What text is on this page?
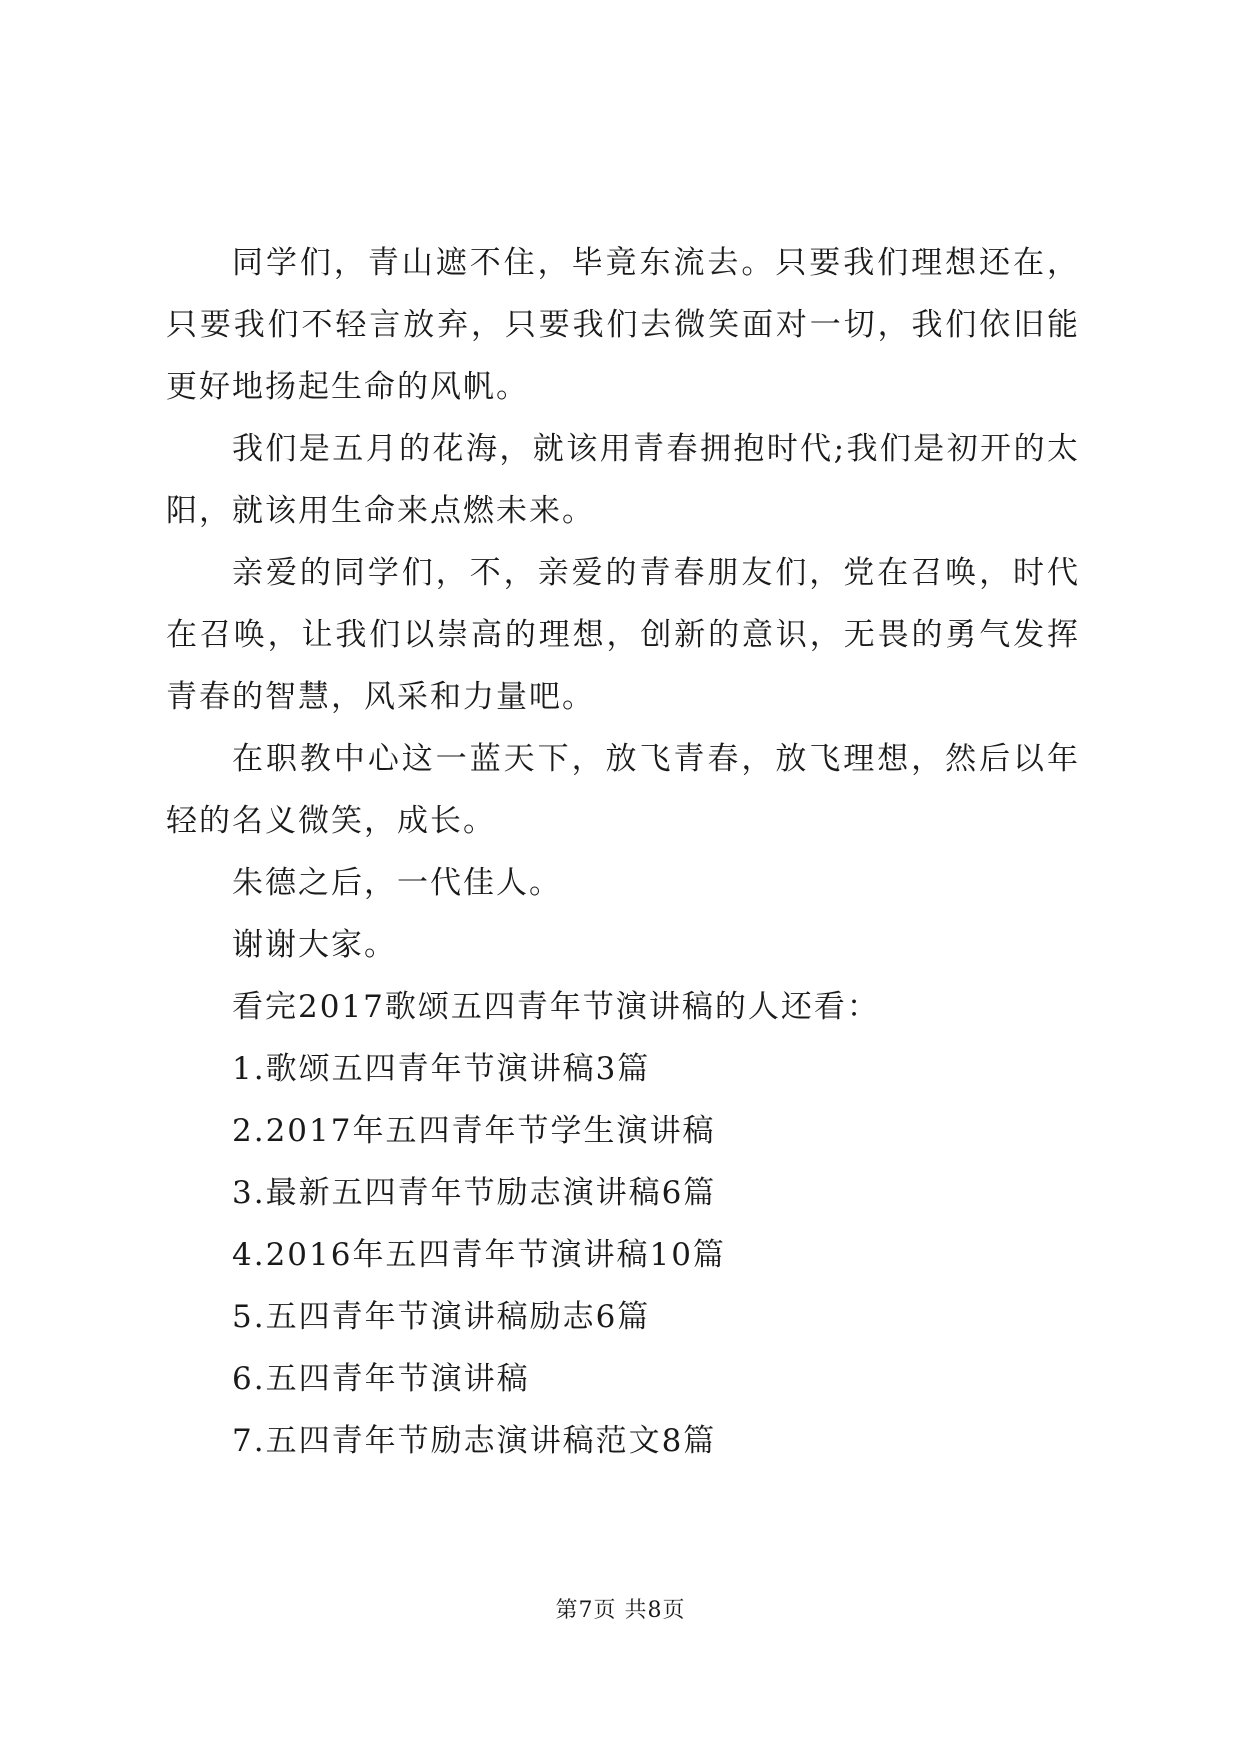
同学们，青山遮不住，毕竟东流去。只要我们理想还在，只要我们不轻言放弃，只要我们去微笑面对一切，我们依旧能更好地扬起生命的风帆。

我们是五月的花海，就该用青春拥抱时代;我们是初开的太阳，就该用生命来点燃未来。

亲爱的同学们，不，亲爱的青春朋友们，党在召唤，时代在召唤，让我们以崇高的理想，创新的意识，无畏的勇气发挥青春的智慧，风采和力量吧。

在职教中心这一蓝天下，放飞青春，放飞理想，然后以年轻的名义微笑，成长。

朱德之后，一代佳人。

谢谢大家。

看完2017歌颂五四青年节演讲稿的人还看：

1.歌颂五四青年节演讲稿3篇
2.2017年五四青年节学生演讲稿
3.最新五四青年节励志演讲稿6篇
4.2016年五四青年节演讲稿10篇
5.五四青年节演讲稿励志6篇
6.五四青年节演讲稿
7.五四青年节励志演讲稿范文8篇
第7页 共8页
